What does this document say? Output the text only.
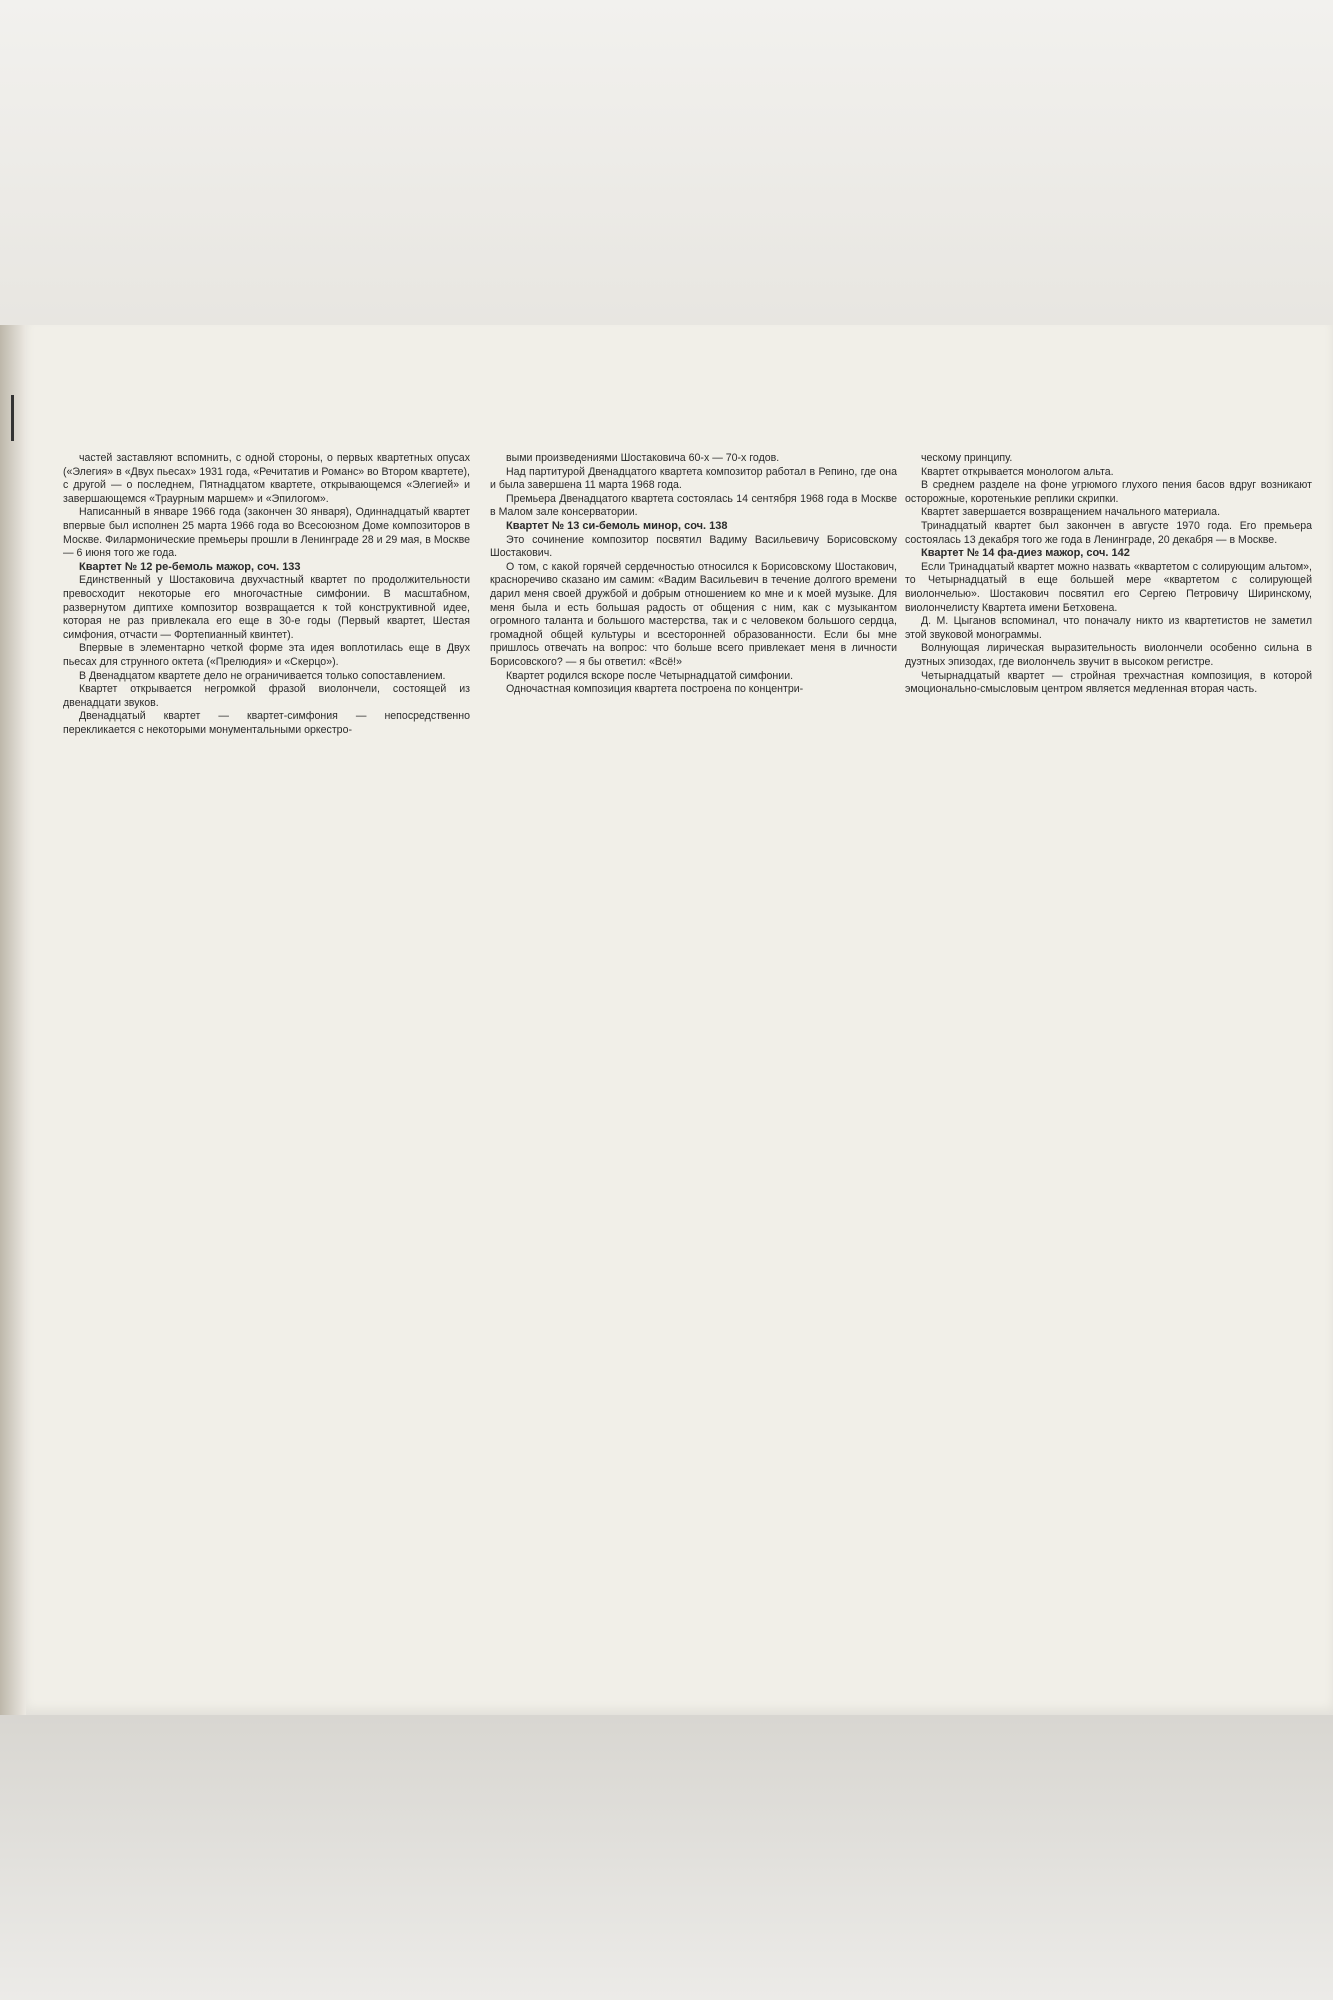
частей заставляют вспомнить, с одной стороны, о первых квартетных опусах («Элегия» в «Двух пьесах» 1931 года, «Речитатив и Романс» во Втором квартете), с другой — о последнем, Пятнадцатом квартете, открывающемся «Элегией» и завершающемся «Траурным маршем» и «Эпилогом».

Написанный в январе 1966 года (закончен 30 января), Одиннадцатый квартет впервые был исполнен 25 марта 1966 года во Всесоюзном Доме композиторов в Москве. Филармонические премьеры прошли в Ленинграде 28 и 29 мая, в Москве — 6 июня того же года.

Квартет № 12 ре-бемоль мажор, соч. 133

Единственный у Шостаковича двухчастный квартет по продолжительности превосходит некоторые его многочастные симфонии. В масштабном, развернутом диптихе композитор возвращается к той конструктивной идее, которая не раз привлекала его еще в 30-е годы (Первый квартет, Шестая симфония, отчасти — Фортепианный квинтет).

Впервые в элементарно четкой форме эта идея воплотилась еще в Двух пьесах для струнного октета («Прелюдия» и «Скерцо»).

В Двенадцатом квартете дело не ограничивается только сопоставлением.

Квартет открывается негромкой фразой виолончели, состоящей из двенадцати звуков.

Двенадцатый квартет — квартет-симфония — непосредственно перекликается с некоторыми монументальными оркестро-

выми произведениями Шостаковича 60-х — 70-х годов.

Над партитурой Двенадцатого квартета композитор работал в Репино, где она и была завершена 11 марта 1968 года.

Премьера Двенадцатого квартета состоялась 14 сентября 1968 года в Москве в Малом зале консерватории.

Квартет № 13 си-бемоль минор, соч. 138

Это сочинение композитор посвятил Вадиму Васильевичу Борисовскому Шостакович.

О том, с какой горячей сердечностью относился к Борисовскому Шостакович, красноречиво сказано им самим: «Вадим Васильевич в течение долгого времени дарил меня своей дружбой и добрым отношением ко мне и к моей музыке. Для меня была и есть большая радость от общения с ним, как с музыкантом огромного таланта и большого мастерства, так и с человеком большого сердца, громадной общей культуры и всесторонней образованности. Если бы мне пришлось отвечать на вопрос: что больше всего привлекает меня в личности Борисовского? — я бы ответил: «Всё!»

Квартет родился вскоре после Четырнадцатой симфонии.

Одночастная композиция квартета построена по концентри-

ческому принципу.

Квартет открывается монологом альта.

В среднем разделе на фоне угрюмого глухого пения басов вдруг возникают осторожные, коротенькие реплики скрипки.

Квартет завершается возвращением начального материала.

Тринадцатый квартет был закончен в августе 1970 года. Его премьера состоялась 13 декабря того же года в Ленинграде, 20 декабря — в Москве.

Квартет № 14 фа-диез мажор, соч. 142

Если Тринадцатый квартет можно назвать «квартетом с солирующим альтом», то Четырнадцатый в еще большей мере «квартетом с солирующей виолончелью». Шостакович посвятил его Сергею Петровичу Ширинскому, виолончелисту Квартета имени Бетховена.

Д. М. Цыганов вспоминал, что поначалу никто из квартетистов не заметил этой звуковой монограммы.

Волнующая лирическая выразительность виолончели особенно сильна в дуэтных эпизодах, где виолончель звучит в высоком регистре.

Четырнадцатый квартет — стройная трехчастная композиция, в которой эмоционально-смысловым центром является медленная вторая часть.
